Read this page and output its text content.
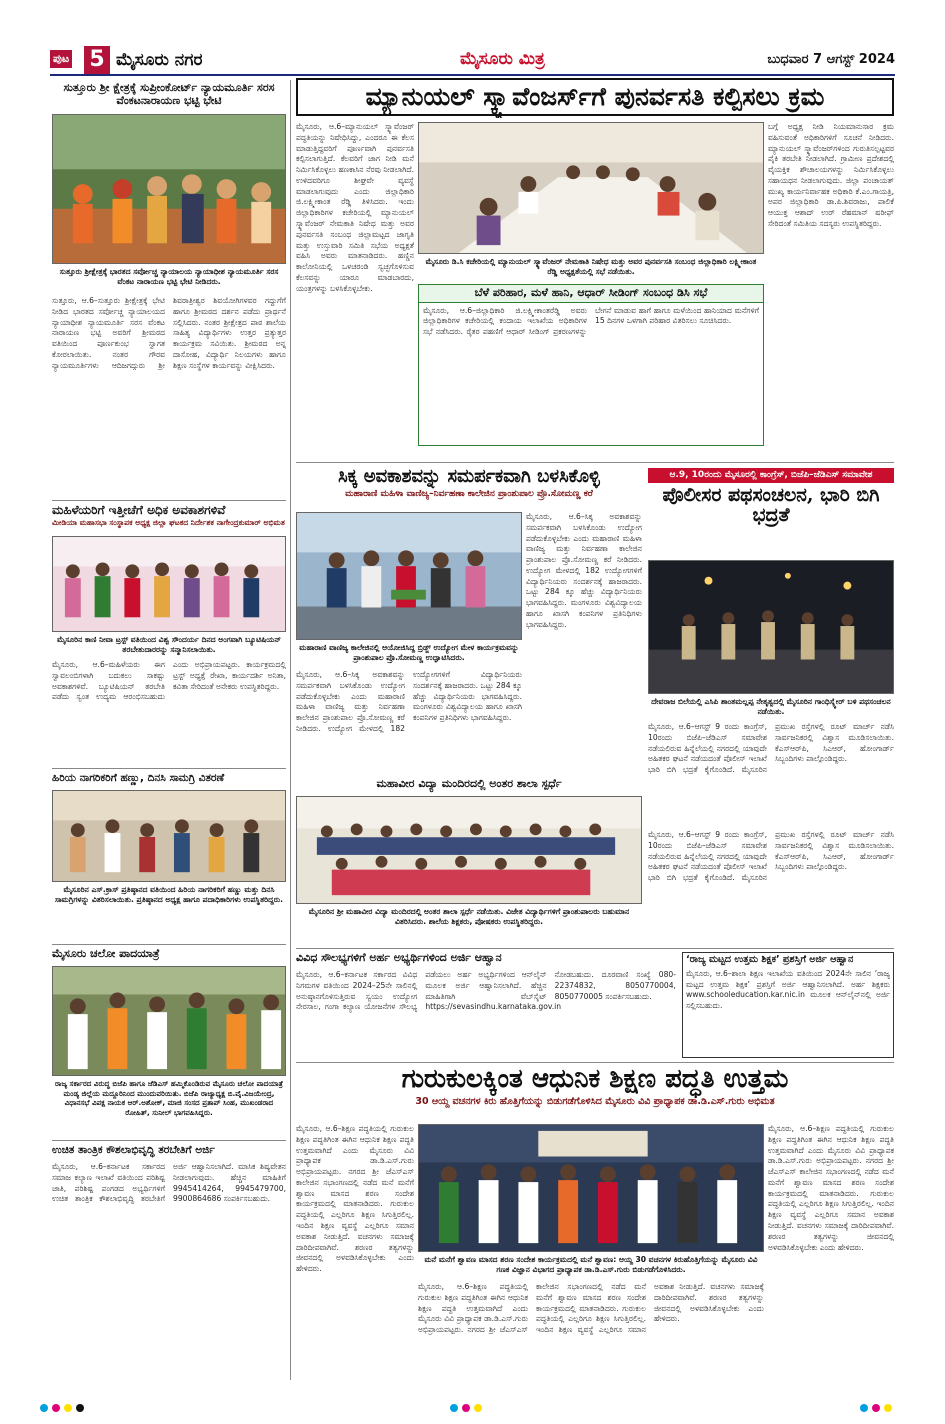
ಪುಟ 5 ಮೈಸೂರು ನಗರ	ಮೈಸೂರು ಮಿತ್ರ	ಬುಧವಾರ 7 ಆಗಸ್ಟ್ 2024
ಸುತ್ತೂರು ಶ್ರೀ ಕ್ಷೇತ್ರಕ್ಕೆ ಸುಪ್ರೀಂಕೋರ್ಟ್ ನ್ಯಾಯಮೂರ್ತಿ ಸರಸ ವೆಂಕಟನಾರಾಯಣ ಭಟ್ಟಿ ಭೇಟಿ
ಸುತ್ತೂರು ಶ್ರೀಕ್ಷೇತ್ರಕ್ಕೆ ಭಾರತದ ಸರ್ವೋಚ್ಚ ನ್ಯಾಯಾಲಯ ನ್ಯಾಯಾಧೀಶ ನ್ಯಾಯಮೂರ್ತಿ ಸರಸ ವೆಂಕಟ ನಾರಾಯಣ ಭಟ್ಟಿ ಭೇಟಿ ನೀಡಿದರು.
ಸುತ್ತೂರು, ಆ.6–ಸುತ್ತೂರು ಶ್ರೀಕ್ಷೇತ್ರಕ್ಕೆ ಭೇಟಿ ನೀಡಿದ ಭಾರತದ ಸರ್ವೋಚ್ಚ ನ್ಯಾಯಾಲಯದ ನ್ಯಾಯಾಧೀಶ ನ್ಯಾಯಮೂರ್ತಿ ಸರಸ ವೆಂಕಟ ನಾರಾಯಣ ಭಟ್ಟಿ ಅವರಿಗೆ ಶ್ರೀಮಠದ ವತಿಯಿಂದ ಪೂರ್ಣಕುಂಭ ಸ್ವಾಗತ ಕೋರಲಾಯಿತು. ನಂತರ ಗೌರವ ನ್ಯಾಯಮೂರ್ತಿಗಳು ಆದಿಜಗದ್ಗುರು ಶ್ರೀ ಶಿವರಾತ್ರೀಶ್ವರ ಶಿವಯೋಗಿಗಳವರ ಗದ್ದುಗೆಗೆ ಹಾಗೂ ಶ್ರೀಮಠದ ದರ್ಶನ ಪಡೆದು ಪ್ರಾರ್ಥನೆ ಸಲ್ಲಿಸಿದರು. ನಂತರ ಶ್ರೀಕ್ಷೇತ್ರದ ಪಾಠ ಶಾಲೆಯ ಸಾಹಿತ್ಯ ವಿದ್ಯಾರ್ಥಿಗಳು ಉತ್ತರ ಪ್ರತ್ಯುತ್ತರ ಕಾರ್ಯಕ್ರಮ ಸವಿಯಿತು. ಶ್ರೀಮಠದ ಅನ್ನ ದಾಸೋಹ, ವಿದ್ಯಾರ್ಥಿ ನಿಲಯಗಳು ಹಾಗೂ ಶಿಕ್ಷಣ ಸಂಸ್ಥೆಗಳ ಕಾರ್ಯವನ್ನು ವೀಕ್ಷಿಸಿದರು.
ಮ್ಯಾನುಯಲ್ ಸ್ಕ್ಯಾವೆಂಜರ್ಸ್‌ಗೆ ಪುನರ್ವಸತಿ ಕಲ್ಪಿಸಲು ಕ್ರಮ
ಮೈಸೂರು, ಆ.6–ಮ್ಯಾನುಯಲ್ ಸ್ಕ್ಯಾವೆಂಜರ್ ಪದ್ಧತಿಯನ್ನು ನಿಷೇಧಿಸಿದ್ದು, ಎಂದರೂ ಈ ಕೆಲಸ ಮಾಡುತ್ತಿದ್ದವರಿಗೆ ಪೂರ್ಣವಾಗಿ ಪುನರ್ವಸತಿ ಕಲ್ಪಿಸಲಾಗುತ್ತಿದೆ. ಕೆಲವರಿಗೆ ಜಾಗ ನೀಡಿ ಮನೆ ನಿರ್ಮಿಸಿಕೊಳ್ಳಲು ಹಣಕಾಸಿನ ನೆರವು ನೀಡಲಾಗಿದೆ. ಉಳಿದವರಿಗೂ ಶೀಘ್ರವೇ ವ್ಯವಸ್ಥೆ ಮಾಡಲಾಗುವುದು ಎಂದು ಜಿಲ್ಲಾಧಿಕಾರಿ ಜಿ.ಲಕ್ಷ್ಮೀಕಾಂತ ರೆಡ್ಡಿ ತಿಳಿಸಿದರು. ಇಂದು ಜಿಲ್ಲಾಧಿಕಾರಿಗಳ ಕಚೇರಿಯಲ್ಲಿ ಮ್ಯಾನುಯಲ್ ಸ್ಕ್ಯಾವೆಂಜರ್ ನೇಮಕಾತಿ ನಿಷೇಧ ಮತ್ತು ಅವರ ಪುನರ್ವಸತಿ ಸಂಬಂಧ ಜಿಲ್ಲಾಮಟ್ಟದ ಜಾಗೃತಿ ಮತ್ತು ಉಸ್ತುವಾರಿ ಸಮಿತಿ ಸಭೆಯ ಅಧ್ಯಕ್ಷತೆ ವಹಿಸಿ ಅವರು ಮಾತನಾಡಿದರು. ಹಣ್ಣಿನ ಕಾಲೋನಿಯಲ್ಲಿ ಒಳಚರಂಡಿ ಸ್ವಚ್ಛಗೊಳಿಸುವ ಕೆಲಸವನ್ನು ಯಾರೂ ಮಾಡಬಾರದು, ಯಂತ್ರಗಳನ್ನು ಬಳಸಿಕೊಳ್ಳಬೇಕು.
ಮೈಸೂರು ಡಿ.ಸಿ ಕಚೇರಿಯಲ್ಲಿ ಮ್ಯಾನುಯಲ್ ಸ್ಕ್ಯಾವೆಂಜರ್ ನೇಮಕಾತಿ ನಿಷೇಧ ಮತ್ತು ಅವರ ಪುನರ್ವಸತಿ ಸಂಬಂಧ ಜಿಲ್ಲಾಧಿಕಾರಿ ಲಕ್ಷ್ಮೀಕಾಂತ ರೆಡ್ಡಿ ಅಧ್ಯಕ್ಷತೆಯಲ್ಲಿ ಸಭೆ ನಡೆಯಿತು.
ಬೆಳೆ ಪರಿಹಾರ, ಮಳೆ ಹಾನಿ, ಆಧಾರ್ ಸೀಡಿಂಗ್ ಸಂಬಂಧ ಡಿಸಿ ಸಭೆ
ಮೈಸೂರು, ಆ.6–ಜಿಲ್ಲಾಧಿಕಾರಿ ಜಿ.ಲಕ್ಷ್ಮೀಕಾಂತರೆಡ್ಡಿ ಅವರು ಜಿಲ್ಲಾಧಿಕಾರಿಗಳ ಕಚೇರಿಯಲ್ಲಿ ಕಂದಾಯ ಇಲಾಖೆಯ ಅಧಿಕಾರಿಗಳ ಸಭೆ ನಡೆಸಿದರು. ರೈತರ ಪಹಣಿಗೆ ಆಧಾರ್ ಸೀಡಿಂಗ್ ಪ್ರಕರಣಗಳನ್ನು ಬೇಗನೆ ಮಾಡುವ ಹಾಗೆ ಹಾಗೂ ಮಳೆಯಿಂದ ಹಾನಿಯಾದ ಮನೆಗಳಿಗೆ 15 ದಿನಗಳ ಒಳಗಾಗಿ ಪರಿಹಾರ ವಿತರಿಸಲು ಸೂಚಿಸಿದರು.
ಬಗ್ಗೆ ಅಧ್ಯಕ್ಷ ನೀಡಿ ನಿಯಮಾನುಸಾರ ಕ್ರಮ ವಹಿಸುವಂತೆ ಅಧಿಕಾರಿಗಳಿಗೆ ಸೂಚನೆ ನೀಡಿದರು. ಮ್ಯಾನುಯಲ್ ಸ್ಕ್ಯಾವೆಂಜರ್‌ಗಳಿಂದ ಗುರುತಿಸಲ್ಪಟ್ಟವರ ಪೈಕಿ ತರಬೇತಿ ನೀಡಲಾಗಿದೆ. ಗ್ರಾಮೀಣ ಪ್ರದೇಶದಲ್ಲಿ ವೈಯಕ್ತಿಕ ಶೌಚಾಲಯಗಳನ್ನು ನಿರ್ಮಿಸಿಕೊಳ್ಳಲು ಸಹಾಯಧನ ನೀಡಲಾಗುವುದು. ಜಿಲ್ಲಾ ಪಂಚಾಯತ್ ಮುಖ್ಯ ಕಾರ್ಯನಿರ್ವಾಹಕ ಅಧಿಕಾರಿ ಕೆ.ಎಂ.ಗಾಯತ್ರಿ, ಅಪರ ಜಿಲ್ಲಾಧಿಕಾರಿ ಡಾ.ಪಿ.ಶಿವರಾಜು, ಪಾಲಿಕೆ ಆಯುಕ್ತ ಆಶಾದ್ ಉರ್ ರೆಹಮಾನ್ ಷರೀಫ್ ಸೇರಿದಂತೆ ಸಮಿತಿಯ ಸದಸ್ಯರು ಉಪಸ್ಥಿತರಿದ್ದರು.
ಸಿಕ್ಕ ಅವಕಾಶವನ್ನು ಸಮರ್ಪಕವಾಗಿ ಬಳಸಿಕೊಳ್ಳಿ
ಮಹಾರಾಣಿ ಮಹಿಳಾ ವಾಣಿಜ್ಯ–ನಿರ್ವಹಣಾ ಕಾಲೇಜಿನ ಪ್ರಾಂಶುಪಾಲ ಪ್ರೊ.ಸೋಮಣ್ಣ ಕರೆ
ಮಹಾರಾಣಿ ವಾಣಿಜ್ಯ ಕಾಲೇಜಿನಲ್ಲಿ ಆಯೋಜಿಸಿದ್ದ ಬ್ರಿಡ್ಜ್ ಉದ್ಯೋಗ ಮೇಳ ಕಾರ್ಯಕ್ರಮವನ್ನು ಪ್ರಾಂಶುಪಾಲ ಪ್ರೊ.ಸೋಮಣ್ಣ ಉದ್ಘಾಟಿಸಿದರು.
ಮೈಸೂರು, ಆ.6–ಸಿಕ್ಕ ಅವಕಾಶವನ್ನು ಸಮರ್ಪಕವಾಗಿ ಬಳಸಿಕೊಂಡು ಉದ್ಯೋಗ ಪಡೆದುಕೊಳ್ಳಬೇಕು ಎಂದು ಮಹಾರಾಣಿ ಮಹಿಳಾ ವಾಣಿಜ್ಯ ಮತ್ತು ನಿರ್ವಹಣಾ ಕಾಲೇಜಿನ ಪ್ರಾಂಶುಪಾಲ ಪ್ರೊ.ಸೋಮಣ್ಣ ಕರೆ ನೀಡಿದರು. ಉದ್ಯೋಗ ಮೇಳದಲ್ಲಿ 182 ಉದ್ಯೋಗಗಳಿಗೆ ವಿದ್ಯಾರ್ಥಿನಿಯರು ಸಂದರ್ಶನಕ್ಕೆ ಹಾಜರಾದರು. ಒಟ್ಟು 284 ಕ್ಕೂ ಹೆಚ್ಚು ವಿದ್ಯಾರ್ಥಿನಿಯರು ಭಾಗವಹಿಸಿದ್ದರು. ಮಂಗಳೂರು ವಿಶ್ವವಿದ್ಯಾಲಯ ಹಾಗೂ ಖಾಸಗಿ ಕಂಪನಿಗಳ ಪ್ರತಿನಿಧಿಗಳು ಭಾಗವಹಿಸಿದ್ದರು.
ಮೈಸೂರು, ಆ.6–ಸಿಕ್ಕ ಅವಕಾಶವನ್ನು ಸಮರ್ಪಕವಾಗಿ ಬಳಸಿಕೊಂಡು ಉದ್ಯೋಗ ಪಡೆದುಕೊಳ್ಳಬೇಕು ಎಂದು ಮಹಾರಾಣಿ ಮಹಿಳಾ ವಾಣಿಜ್ಯ ಮತ್ತು ನಿರ್ವಹಣಾ ಕಾಲೇಜಿನ ಪ್ರಾಂಶುಪಾಲ ಪ್ರೊ.ಸೋಮಣ್ಣ ಕರೆ ನೀಡಿದರು. ಉದ್ಯೋಗ ಮೇಳದಲ್ಲಿ 182 ಉದ್ಯೋಗಗಳಿಗೆ ವಿದ್ಯಾರ್ಥಿನಿಯರು ಸಂದರ್ಶನಕ್ಕೆ ಹಾಜರಾದರು. ಒಟ್ಟು 284 ಕ್ಕೂ ಹೆಚ್ಚು ವಿದ್ಯಾರ್ಥಿನಿಯರು ಭಾಗವಹಿಸಿದ್ದರು. ಮಂಗಳೂರು ವಿಶ್ವವಿದ್ಯಾಲಯ ಹಾಗೂ ಖಾಸಗಿ ಕಂಪನಿಗಳ ಪ್ರತಿನಿಧಿಗಳು ಭಾಗವಹಿಸಿದ್ದರು.
ಆ.9, 10ರಂದು ಮೈಸೂರಲ್ಲಿ ಕಾಂಗ್ರೆಸ್, ಬಿಜೆಪಿ–ಜೆಡಿಎಸ್ ಸಮಾವೇಶ
ಪೊಲೀಸರ ಪಥಸಂಚಲನ, ಭಾರಿ ಬಿಗಿ ಭದ್ರತೆ
ದೇವರಾಜ ಬಿಲೆಯಲ್ಲಿ ಎಸಿಪಿ ಶಾಂತಮಲ್ಲಪ್ಪ ನೇತೃತ್ವದಲ್ಲಿ ಮೈಸೂರಿನ ಗಾಂಧಿಸ್ಕ್ವೇರ್ ಬಳಿ ಪಥಸಂಚಲನ ನಡೆಯಿತು.
ಮೈಸೂರು, ಆ.6–ಆಗಸ್ಟ್ 9 ರಂದು ಕಾಂಗ್ರೆಸ್, 10ರಂದು ಬಿಜೆಪಿ–ಜೆಡಿಎಸ್ ಸಮಾವೇಶ ನಡೆಯಲಿರುವ ಹಿನ್ನೆಲೆಯಲ್ಲಿ ನಗರದಲ್ಲಿ ಯಾವುದೇ ಅಹಿತಕರ ಘಟನೆ ನಡೆಯದಂತೆ ಪೊಲೀಸ್ ಇಲಾಖೆ ಭಾರಿ ಬಿಗಿ ಭದ್ರತೆ ಕೈಗೊಂಡಿದೆ. ಮೈಸೂರಿನ ಪ್ರಮುಖ ರಸ್ತೆಗಳಲ್ಲಿ ರೂಟ್ ಮಾರ್ಚ್ ನಡೆಸಿ ಸಾರ್ವಜನಿಕರಲ್ಲಿ ವಿಶ್ವಾಸ ಮೂಡಿಸಲಾಯಿತು. ಕೆಎಸ್‌ಆರ್‌ಪಿ, ಸಿಎಆರ್, ಹೋಂಗಾರ್ಡ್ ಸಿಬ್ಬಂದಿಗಳು ಪಾಲ್ಗೊಂಡಿದ್ದರು.
ಮಹಿಳೆಯರಿಗೆ ಇತ್ತೀಚೆಗೆ ಅಧಿಕ ಅವಕಾಶಗಳಿವೆ
ಮೀಡಿಯಾ ಮಹಾಸಭಾ ಸಂಸ್ಥಾಪಕ ಅಧ್ಯಕ್ಷ ಜಿಲ್ಲಾ ಘಟಕದ ನಿರ್ದೇಶಕ ನಾಗೇಂದ್ರಕುಮಾರ್ ಅಭಿಮತ
ಮೈಸೂರಿನ ಕಾಣಿ ನೀವಾ ಟ್ರಸ್ಟ್ ವತಿಯಿಂದ ವಿಶ್ವ ಸೌಂದರ್ಯ ದಿನದ ಅಂಗವಾಗಿ ಬ್ಯೂಟಿಷಿಯನ್ ತರಬೇತುದಾರರನ್ನು ಸನ್ಮಾನಿಸಲಾಯಿತು.
ಮೈಸೂರು, ಆ.6–ಮಹಿಳೆಯರು ಈಗ ಸ್ವಾವಲಂಬಿಗಳಾಗಿ ಬದುಕಲು ಸಾಕಷ್ಟು ಅವಕಾಶಗಳಿವೆ. ಬ್ಯೂಟಿಷಿಯನ್ ತರಬೇತಿ ಪಡೆದು ಸ್ವಂತ ಉದ್ಯಮ ಆರಂಭಿಸಬಹುದು ಎಂದು ಅಭಿಪ್ರಾಯಪಟ್ಟರು. ಕಾರ್ಯಕ್ರಮದಲ್ಲಿ ಟ್ರಸ್ಟ್ ಅಧ್ಯಕ್ಷೆ ರೇಖಾ, ಕಾರ್ಯದರ್ಶಿ ಅನಿತಾ, ಕವಿತಾ ಸೇರಿದಂತೆ ಅನೇಕರು ಉಪಸ್ಥಿತರಿದ್ದರು.
ಹಿರಿಯ ನಾಗರಿಕರಿಗೆ ಹಣ್ಣು, ದಿನಸಿ ಸಾಮಗ್ರಿ ವಿತರಣೆ
ಮೈಸೂರಿನ ಎಸ್.ಕ್ರಾಸ್ ಪ್ರತಿಷ್ಠಾನದ ವತಿಯಿಂದ ಹಿರಿಯ ನಾಗರಿಕರಿಗೆ ಹಣ್ಣು ಮತ್ತು ದಿನಸಿ ಸಾಮಗ್ರಿಗಳನ್ನು ವಿತರಿಸಲಾಯಿತು. ಪ್ರತಿಷ್ಠಾನದ ಅಧ್ಯಕ್ಷ ಹಾಗೂ ಪದಾಧಿಕಾರಿಗಳು ಉಪಸ್ಥಿತರಿದ್ದರು.
ಮಹಾವೀರ ವಿದ್ಯಾ ಮಂದಿರದಲ್ಲಿ ಅಂತರ ಶಾಲಾ ಸ್ಪರ್ಧೆ
ಮೈಸೂರಿನ ಶ್ರೀ ಮಹಾವೀರ ವಿದ್ಯಾ ಮಂದಿರದಲ್ಲಿ ಅಂತರ ಶಾಲಾ ಸ್ಪರ್ಧೆ ನಡೆಯಿತು. ವಿಜೇತ ವಿದ್ಯಾರ್ಥಿಗಳಿಗೆ ಪ್ರಾಂಶುಪಾಲರು ಬಹುಮಾನ ವಿತರಿಸಿದರು. ಶಾಲೆಯ ಶಿಕ್ಷಕರು, ಪೋಷಕರು ಉಪಸ್ಥಿತರಿದ್ದರು.
ಮೈಸೂರು, ಆ.6–ಆಗಸ್ಟ್ 9 ರಂದು ಕಾಂಗ್ರೆಸ್, 10ರಂದು ಬಿಜೆಪಿ–ಜೆಡಿಎಸ್ ಸಮಾವೇಶ ನಡೆಯಲಿರುವ ಹಿನ್ನೆಲೆಯಲ್ಲಿ ನಗರದಲ್ಲಿ ಯಾವುದೇ ಅಹಿತಕರ ಘಟನೆ ನಡೆಯದಂತೆ ಪೊಲೀಸ್ ಇಲಾಖೆ ಭಾರಿ ಬಿಗಿ ಭದ್ರತೆ ಕೈಗೊಂಡಿದೆ. ಮೈಸೂರಿನ ಪ್ರಮುಖ ರಸ್ತೆಗಳಲ್ಲಿ ರೂಟ್ ಮಾರ್ಚ್ ನಡೆಸಿ ಸಾರ್ವಜನಿಕರಲ್ಲಿ ವಿಶ್ವಾಸ ಮೂಡಿಸಲಾಯಿತು. ಕೆಎಸ್‌ಆರ್‌ಪಿ, ಸಿಎಆರ್, ಹೋಂಗಾರ್ಡ್ ಸಿಬ್ಬಂದಿಗಳು ಪಾಲ್ಗೊಂಡಿದ್ದರು.
ವಿವಿಧ ಸೌಲಭ್ಯಗಳಿಗೆ ಅರ್ಹ ಅಭ್ಯರ್ಥಿಗಳಿಂದ ಅರ್ಜಿ ಆಹ್ವಾನ
ಮೈಸೂರು, ಆ.6–ಕರ್ನಾಟಕ ಸರ್ಕಾರದ ವಿವಿಧ ನಿಗಮಗಳ ವತಿಯಿಂದ 2024–25ನೇ ಸಾಲಿನಲ್ಲಿ ಅನುಷ್ಠಾನಗೊಳಿಸುತ್ತಿರುವ ಸ್ವಯಂ ಉದ್ಯೋಗ ನೇರಸಾಲ, ಗಂಗಾ ಕಲ್ಯಾಣ ಯೋಜನೆಗಳ ಸೌಲಭ್ಯ ಪಡೆಯಲು ಅರ್ಹ ಅಭ್ಯರ್ಥಿಗಳಿಂದ ಆನ್‌ಲೈನ್ ಮೂಲಕ ಅರ್ಜಿ ಆಹ್ವಾನಿಸಲಾಗಿದೆ. ಹೆಚ್ಚಿನ ಮಾಹಿತಿಗಾಗಿ ವೆಬ್‌ಸೈಟ್ https://sevasindhu.karnataka.gov.in ನೋಡಬಹುದು. ದೂರವಾಣಿ ಸಂಖ್ಯೆ 080-22374832, 8050770004, 8050770005 ಸಂಪರ್ಕಿಸಬಹುದು.
‘ರಾಜ್ಯ ಮಟ್ಟದ ಉತ್ತಮ ಶಿಕ್ಷಕ’ ಪ್ರಶಸ್ತಿಗೆ ಅರ್ಜಿ ಆಹ್ವಾನ
ಮೈಸೂರು, ಆ.6–ಶಾಲಾ ಶಿಕ್ಷಣ ಇಲಾಖೆಯ ವತಿಯಿಂದ 2024ನೇ ಸಾಲಿನ ‘ರಾಜ್ಯ ಮಟ್ಟದ ಉತ್ತಮ ಶಿಕ್ಷಕ’ ಪ್ರಶಸ್ತಿಗೆ ಅರ್ಜಿ ಆಹ್ವಾನಿಸಲಾಗಿದೆ. ಅರ್ಹ ಶಿಕ್ಷಕರು www.schooleducation.kar.nic.in ಮೂಲಕ ಆನ್‌ಲೈನ್‌ನಲ್ಲಿ ಅರ್ಜಿ ಸಲ್ಲಿಸಬಹುದು.
ಮೈಸೂರು ಚಲೋ ಪಾದಯಾತ್ರೆ
ರಾಜ್ಯ ಸರ್ಕಾರದ ವಿರುದ್ಧ ಬಿಜೆಪಿ ಹಾಗೂ ಜೆಡಿಎಸ್ ಹಮ್ಮಿಕೊಂಡಿರುವ ಮೈಸೂರು ಚಲೋ ಪಾದಯಾತ್ರೆ ಮಂಡ್ಯ ಜಿಲ್ಲೆಯ ಮದ್ದೂರಿನಿಂದ ಮುಂದುವರಿಯಿತು. ಬಿಜೆಪಿ ರಾಜ್ಯಾಧ್ಯಕ್ಷ ಬಿ.ವೈ.ವಿಜಯೇಂದ್ರ, ವಿಧಾನಸಭೆ ವಿಪಕ್ಷ ನಾಯಕ ಆರ್.ಅಶೋಕ್, ಮಾಜಿ ಸಂಸದ ಪ್ರತಾಪ್ ಸಿಂಹ, ಮುಖಂಡರಾದ ರೋಹಿತ್, ಸುನೀಲ್ ಭಾಗವಹಿಸಿದ್ದರು.
ಉಚಿತ ತಾಂತ್ರಿಕ ಕೌಶಲಾಭಿವೃದ್ಧಿ ತರಬೇತಿಗೆ ಅರ್ಜಿ
ಮೈಸೂರು, ಆ.6–ಕರ್ನಾಟಕ ಸರ್ಕಾರದ ಸಮಾಜ ಕಲ್ಯಾಣ ಇಲಾಖೆ ವತಿಯಿಂದ ಪರಿಶಿಷ್ಟ ಜಾತಿ, ಪರಿಶಿಷ್ಟ ಪಂಗಡದ ಅಭ್ಯರ್ಥಿಗಳಿಗೆ ಉಚಿತ ತಾಂತ್ರಿಕ ಕೌಶಲಾಭಿವೃದ್ಧಿ ತರಬೇತಿಗೆ ಅರ್ಜಿ ಆಹ್ವಾನಿಸಲಾಗಿದೆ. ಮಾಸಿಕ ಶಿಷ್ಯವೇತನ ನೀಡಲಾಗುವುದು. ಹೆಚ್ಚಿನ ಮಾಹಿತಿಗೆ 9945414264, 9945479700, 9900864686 ಸಂಪರ್ಕಿಸಬಹುದು.
ಗುರುಕುಲಕ್ಕಿಂತ ಆಧುನಿಕ ಶಿಕ್ಷಣ ಪದ್ಧತಿ ಉತ್ತಮ
30 ಆಯ್ದ ವಚನಗಳ ಕಿರು ಹೊತ್ತಿಗೆಯನ್ನು ಬಿಡುಗಡೆಗೊಳಿಸಿದ ಮೈಸೂರು ವಿವಿ ಪ್ರಾಧ್ಯಾಪಕ ಡಾ.ಡಿ.ಎಸ್.ಗುರು ಅಭಿಮತ
ಮೈಸೂರು, ಆ.6–ಶಿಕ್ಷಣ ಪದ್ಧತಿಯಲ್ಲಿ ಗುರುಕುಲ ಶಿಕ್ಷಣ ಪದ್ಧತಿಗಿಂತ ಈಗಿನ ಆಧುನಿಕ ಶಿಕ್ಷಣ ಪದ್ಧತಿ ಉತ್ತಮವಾಗಿದೆ ಎಂದು ಮೈಸೂರು ವಿವಿ ಪ್ರಾಧ್ಯಾಪಕ ಡಾ.ಡಿ.ಎಸ್.ಗುರು ಅಭಿಪ್ರಾಯಪಟ್ಟರು. ನಗರದ ಶ್ರೀ ಜೆಎಸ್‌ಎಸ್ ಕಾಲೇಜಿನ ಸಭಾಂಗಣದಲ್ಲಿ ನಡೆದ ಮನೆ ಮನೆಗೆ ಶ್ವಾವಣ ಮಾಸದ ಶರಣ ಸಂದೇಶ ಕಾರ್ಯಕ್ರಮದಲ್ಲಿ ಮಾತನಾಡಿದರು. ಗುರುಕುಲ ಪದ್ಧತಿಯಲ್ಲಿ ಎಲ್ಲರಿಗೂ ಶಿಕ್ಷಣ ಸಿಗುತ್ತಿರಲಿಲ್ಲ. ಇಂದಿನ ಶಿಕ್ಷಣ ವ್ಯವಸ್ಥೆ ಎಲ್ಲರಿಗೂ ಸಮಾನ ಅವಕಾಶ ನೀಡುತ್ತಿದೆ. ವಚನಗಳು ಸಮಾಜಕ್ಕೆ ದಾರಿದೀಪವಾಗಿವೆ. ಶರಣರ ತತ್ವಗಳನ್ನು ಜೀವನದಲ್ಲಿ ಅಳವಡಿಸಿಕೊಳ್ಳಬೇಕು ಎಂದು ಹೇಳಿದರು.
ಮನೆ ಮನೆಗೆ ಶ್ವಾವಣ ಮಾಸದ ಶರಣ ಸಂದೇಶ ಕಾರ್ಯಕ್ರಮದಲ್ಲಿ ಮನೆ ಶ್ವಾವಣ: ಆಯ್ದ 30 ವಚನಗಳ ಕಿರುಹೊತ್ತಿಗೆಯನ್ನು ಮೈಸೂರು ವಿವಿ ಗಣಕ ವಿಜ್ಞಾನ ವಿಭಾಗದ ಪ್ರಾಧ್ಯಾಪಕ ಡಾ.ಡಿ.ಎಸ್.ಗುರು ಬಿಡುಗಡೆಗೊಳಿಸಿದರು.
ಮೈಸೂರು, ಆ.6–ಶಿಕ್ಷಣ ಪದ್ಧತಿಯಲ್ಲಿ ಗುರುಕುಲ ಶಿಕ್ಷಣ ಪದ್ಧತಿಗಿಂತ ಈಗಿನ ಆಧುನಿಕ ಶಿಕ್ಷಣ ಪದ್ಧತಿ ಉತ್ತಮವಾಗಿದೆ ಎಂದು ಮೈಸೂರು ವಿವಿ ಪ್ರಾಧ್ಯಾಪಕ ಡಾ.ಡಿ.ಎಸ್.ಗುರು ಅಭಿಪ್ರಾಯಪಟ್ಟರು. ನಗರದ ಶ್ರೀ ಜೆಎಸ್‌ಎಸ್ ಕಾಲೇಜಿನ ಸಭಾಂಗಣದಲ್ಲಿ ನಡೆದ ಮನೆ ಮನೆಗೆ ಶ್ವಾವಣ ಮಾಸದ ಶರಣ ಸಂದೇಶ ಕಾರ್ಯಕ್ರಮದಲ್ಲಿ ಮಾತನಾಡಿದರು. ಗುರುಕುಲ ಪದ್ಧತಿಯಲ್ಲಿ ಎಲ್ಲರಿಗೂ ಶಿಕ್ಷಣ ಸಿಗುತ್ತಿರಲಿಲ್ಲ. ಇಂದಿನ ಶಿಕ್ಷಣ ವ್ಯವಸ್ಥೆ ಎಲ್ಲರಿಗೂ ಸಮಾನ ಅವಕಾಶ ನೀಡುತ್ತಿದೆ. ವಚನಗಳು ಸಮಾಜಕ್ಕೆ ದಾರಿದೀಪವಾಗಿವೆ. ಶರಣರ ತತ್ವಗಳನ್ನು ಜೀವನದಲ್ಲಿ ಅಳವಡಿಸಿಕೊಳ್ಳಬೇಕು ಎಂದು ಹೇಳಿದರು.
ಮೈಸೂರು, ಆ.6–ಶಿಕ್ಷಣ ಪದ್ಧತಿಯಲ್ಲಿ ಗುರುಕುಲ ಶಿಕ್ಷಣ ಪದ್ಧತಿಗಿಂತ ಈಗಿನ ಆಧುನಿಕ ಶಿಕ್ಷಣ ಪದ್ಧತಿ ಉತ್ತಮವಾಗಿದೆ ಎಂದು ಮೈಸೂರು ವಿವಿ ಪ್ರಾಧ್ಯಾಪಕ ಡಾ.ಡಿ.ಎಸ್.ಗುರು ಅಭಿಪ್ರಾಯಪಟ್ಟರು. ನಗರದ ಶ್ರೀ ಜೆಎಸ್‌ಎಸ್ ಕಾಲೇಜಿನ ಸಭಾಂಗಣದಲ್ಲಿ ನಡೆದ ಮನೆ ಮನೆಗೆ ಶ್ವಾವಣ ಮಾಸದ ಶರಣ ಸಂದೇಶ ಕಾರ್ಯಕ್ರಮದಲ್ಲಿ ಮಾತನಾಡಿದರು. ಗುರುಕುಲ ಪದ್ಧತಿಯಲ್ಲಿ ಎಲ್ಲರಿಗೂ ಶಿಕ್ಷಣ ಸಿಗುತ್ತಿರಲಿಲ್ಲ. ಇಂದಿನ ಶಿಕ್ಷಣ ವ್ಯವಸ್ಥೆ ಎಲ್ಲರಿಗೂ ಸಮಾನ ಅವಕಾಶ ನೀಡುತ್ತಿದೆ. ವಚನಗಳು ಸಮಾಜಕ್ಕೆ ದಾರಿದೀಪವಾಗಿವೆ. ಶರಣರ ತತ್ವಗಳನ್ನು ಜೀವನದಲ್ಲಿ ಅಳವಡಿಸಿಕೊಳ್ಳಬೇಕು ಎಂದು ಹೇಳಿದರು.
